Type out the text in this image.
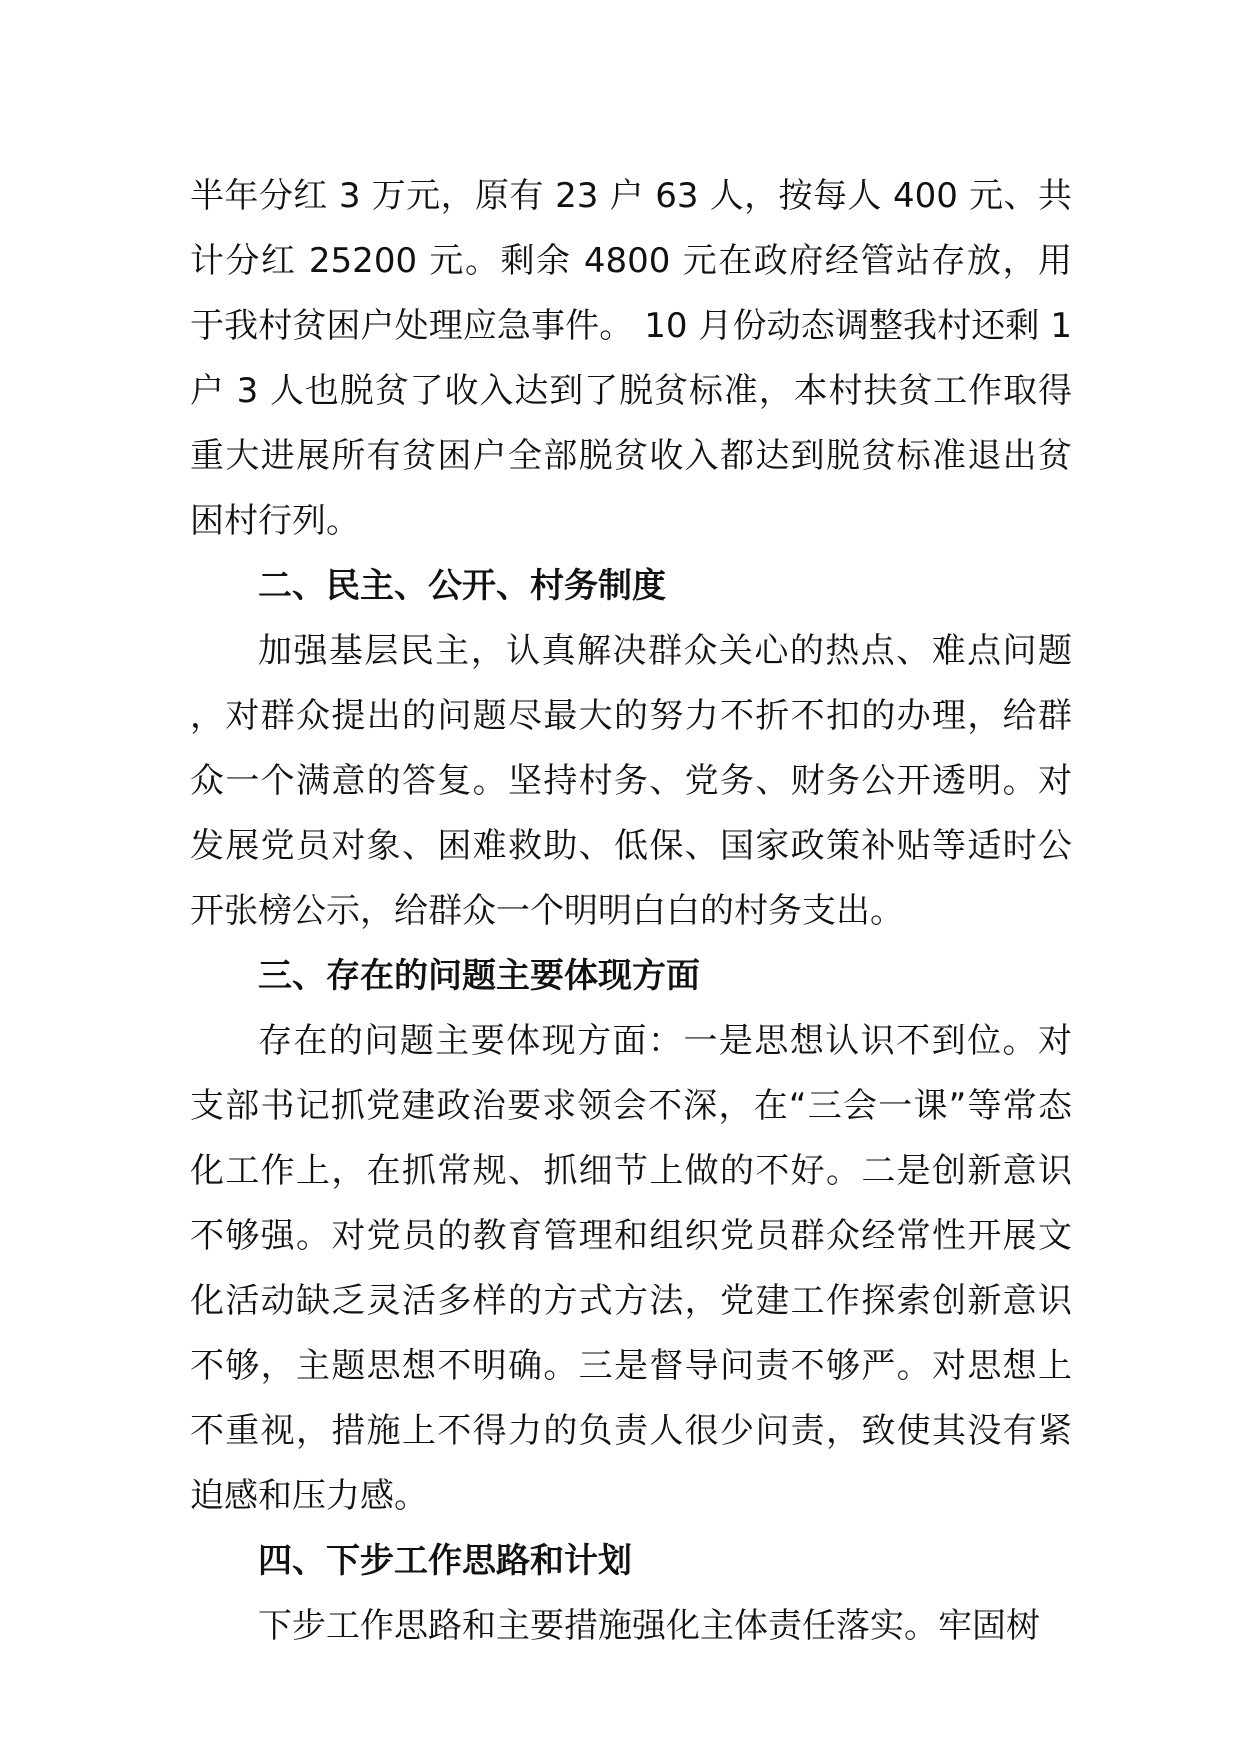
半年分红 3 万元，原有 23 户 63 人，按每人 400 元、共计分红 25200 元。剩余 4800 元在政府经管站存放，用于我村贫困户处理应急事件。 10 月份动态调整我村还剩 1 户 3 人也脱贫了收入达到了脱贫标准，本村扶贫工作取得重大进展所有贫困户全部脱贫收入都达到脱贫标准退出贫困村行列。

二、民主、公开、村务制度

加强基层民主，认真解决群众关心的热点、难点问题，对群众提出的问题尽最大的努力不折不扣的办理，给群众一个满意的答复。坚持村务、党务、财务公开透明。对发展党员对象、困难救助、低保、国家政策补贴等适时公开张榜公示，给群众一个明明白白的村务支出。

三、存在的问题主要体现方面

存在的问题主要体现方面：一是思想认识不到位。对支部书记抓党建政治要求领会不深，在“三会一课”等常态化工作上，在抓常规、抓细节上做的不好。二是创新意识不够强。对党员的教育管理和组织党员群众经常性开展文化活动缺乏灵活多样的方式方法，党建工作探索创新意识不够，主题思想不明确。三是督导问责不够严。对思想上不重视，措施上不得力的负责人很少问责，致使其没有紧迫感和压力感。

四、下步工作思路和计划

下步工作思路和主要措施强化主体责任落实。牢固树
